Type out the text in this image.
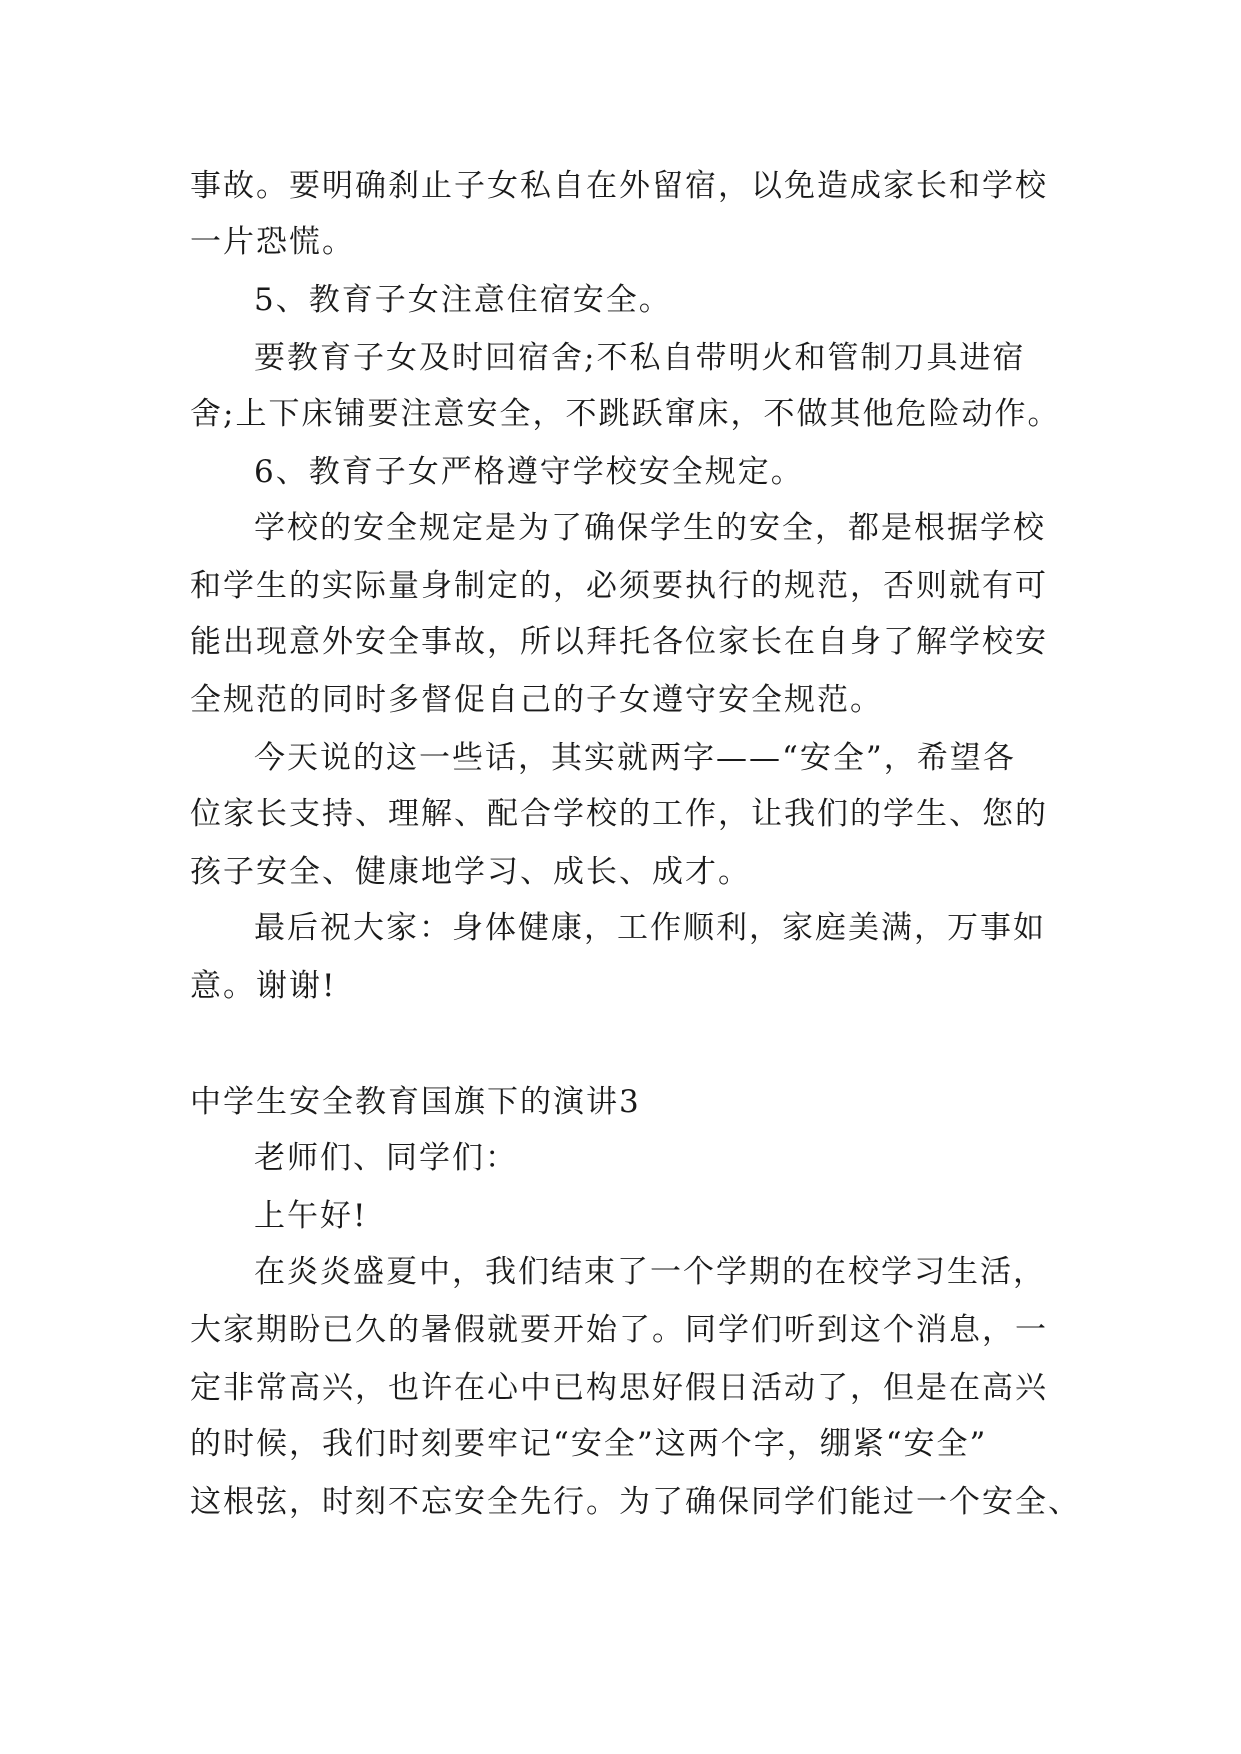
事故。要明确刹止子女私自在外留宿，以免造成家长和学校
一片恐慌。
5、教育子女注意住宿安全。
要教育子女及时回宿舍;不私自带明火和管制刀具进宿
舍;上下床铺要注意安全，不跳跃窜床，不做其他危险动作。
6、教育子女严格遵守学校安全规定。
学校的安全规定是为了确保学生的安全，都是根据学校
和学生的实际量身制定的，必须要执行的规范，否则就有可
能出现意外安全事故，所以拜托各位家长在自身了解学校安
全规范的同时多督促自己的子女遵守安全规范。
今天说的这一些话，其实就两字——“安全”，希望各
位家长支持、理解、配合学校的工作，让我们的学生、您的
孩子安全、健康地学习、成长、成才。
最后祝大家：身体健康，工作顺利，家庭美满，万事如
意。谢谢!
中学生安全教育国旗下的演讲3
老师们、同学们：
上午好!
在炎炎盛夏中，我们结束了一个学期的在校学习生活，
大家期盼已久的暑假就要开始了。同学们听到这个消息，一
定非常高兴，也许在心中已构思好假日活动了，但是在高兴
的时候，我们时刻要牢记“安全”这两个字，绷紧“安全”
这根弦，时刻不忘安全先行。为了确保同学们能过一个安全、
